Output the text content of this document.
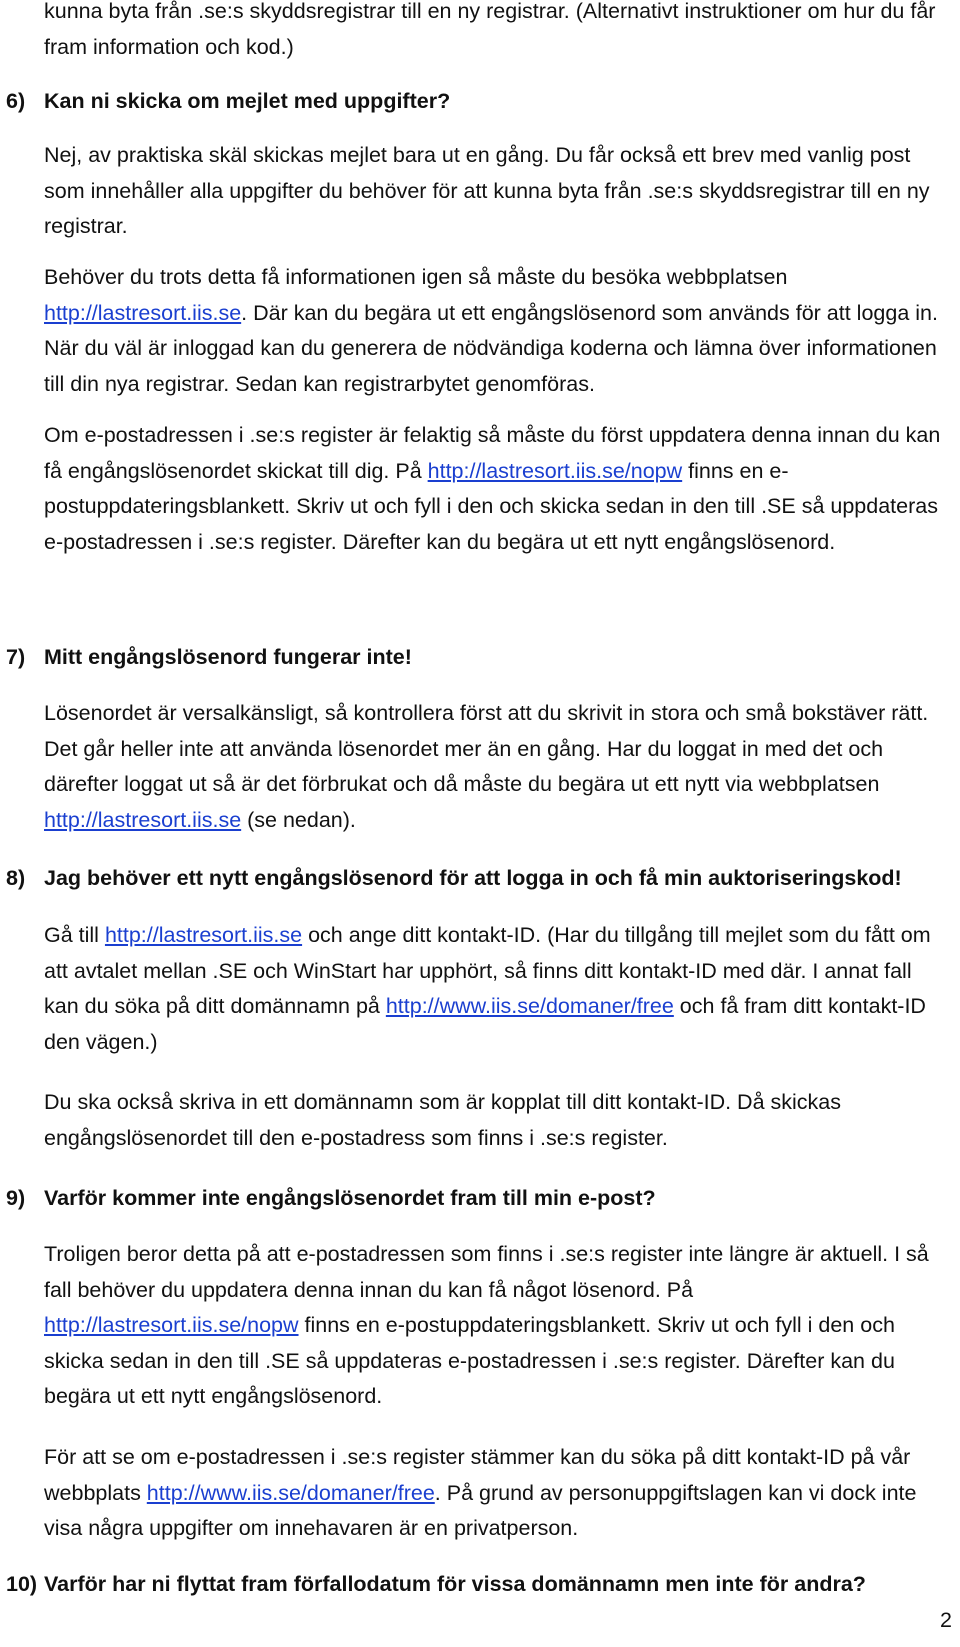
kunna byta från .se:s skyddsregistrar till en ny registrar. (Alternativt instruktioner om hur du får fram information och kod.)
6) Kan ni skicka om mejlet med uppgifter?
Nej, av praktiska skäl skickas mejlet bara ut en gång. Du får också ett brev med vanlig post som innehåller alla uppgifter du behöver för att kunna byta från .se:s skyddsregistrar till en ny registrar.
Behöver du trots detta få informationen igen så måste du besöka webbplatsen http://lastresort.iis.se. Där kan du begära ut ett engångslösenord som används för att logga in. När du väl är inloggad kan du generera de nödvändiga koderna och lämna över informationen till din nya registrar. Sedan kan registrarbytet genomföras.
Om e-postadressen i .se:s register är felaktig så måste du först uppdatera denna innan du kan få engångslösenordet skickat till dig. På http://lastresort.iis.se/nopw finns en e-postuppdateringsblankett. Skriv ut och fyll i den och skicka sedan in den till .SE så uppdateras e-postadressen i .se:s register. Därefter kan du begära ut ett nytt engångslösenord.
7) Mitt engångslösenord fungerar inte!
Lösenordet är versalkänsligt, så kontrollera först att du skrivit in stora och små bokstäver rätt. Det går heller inte att använda lösenordet mer än en gång. Har du loggat in med det och därefter loggat ut så är det förbrukat och då måste du begära ut ett nytt via webbplatsen http://lastresort.iis.se (se nedan).
8) Jag behöver ett nytt engångslösenord för att logga in och få min auktoriseringskod!
Gå till http://lastresort.iis.se och ange ditt kontakt-ID. (Har du tillgång till mejlet som du fått om att avtalet mellan .SE och WinStart har upphört, så finns ditt kontakt-ID med där. I annat fall kan du söka på ditt domännamn på http://www.iis.se/domaner/free och få fram ditt kontakt-ID den vägen.)
Du ska också skriva in ett domännamn som är kopplat till ditt kontakt-ID. Då skickas engångslösenordet till den e-postadress som finns i .se:s register.
9) Varför kommer inte engångslösenordet fram till min e-post?
Troligen beror detta på att e-postadressen som finns i .se:s register inte längre är aktuell. I så fall behöver du uppdatera denna innan du kan få något lösenord. På http://lastresort.iis.se/nopw finns en e-postuppdateringsblankett. Skriv ut och fyll i den och skicka sedan in den till .SE så uppdateras e-postadressen i .se:s register. Därefter kan du begära ut ett nytt engångslösenord.
För att se om e-postadressen i .se:s register stämmer kan du söka på ditt kontakt-ID på vår webbplats http://www.iis.se/domaner/free. På grund av personuppgiftslagen kan vi dock inte visa några uppgifter om innehavaren är en privatperson.
10) Varför har ni flyttat fram förfallodatum för vissa domännamn men inte för andra?
2
